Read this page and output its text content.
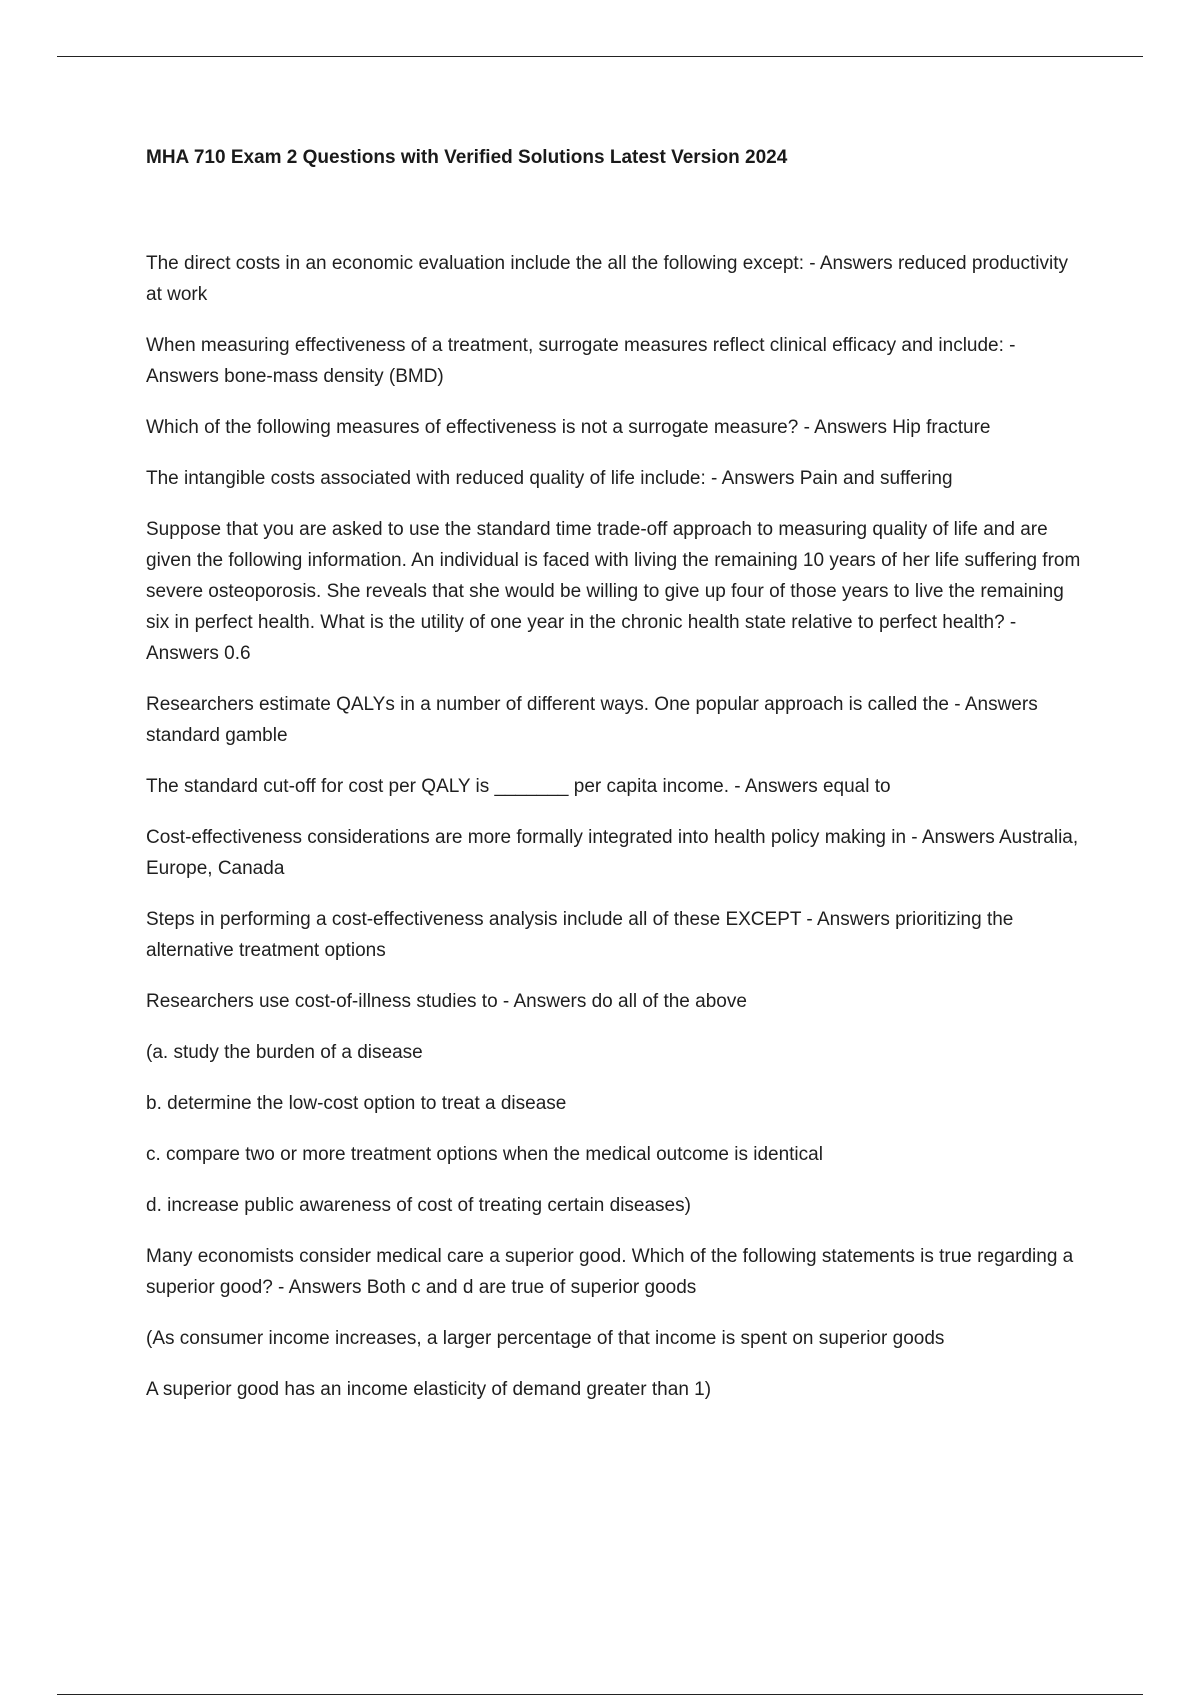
MHA 710 Exam 2 Questions with Verified Solutions Latest Version 2024

The direct costs in an economic evaluation include the all the following except: - Answers reduced productivity at work

When measuring effectiveness of a treatment, surrogate measures reflect clinical efficacy and include: - Answers bone-mass density (BMD)

Which of the following measures of effectiveness is not a surrogate measure? - Answers Hip fracture

The intangible costs associated with reduced quality of life include: - Answers Pain and suffering

Suppose that you are asked to use the standard time trade-off approach to measuring quality of life and are given the following information. An individual is faced with living the remaining 10 years of her life suffering from severe osteoporosis. She reveals that she would be willing to give up four of those years to live the remaining six in perfect health. What is the utility of one year in the chronic health state relative to perfect health? - Answers 0.6

Researchers estimate QALYs in a number of different ways. One popular approach is called the - Answers standard gamble

The standard cut-off for cost per QALY is _______ per capita income. - Answers equal to

Cost-effectiveness considerations are more formally integrated into health policy making in - Answers Australia, Europe, Canada

Steps in performing a cost-effectiveness analysis include all of these EXCEPT - Answers prioritizing the alternative treatment options

Researchers use cost-of-illness studies to - Answers do all of the above

(a. study the burden of a disease

b. determine the low-cost option to treat a disease

c. compare two or more treatment options when the medical outcome is identical

d. increase public awareness of cost of treating certain diseases)

Many economists consider medical care a superior good. Which of the following statements is true regarding a superior good? - Answers Both c and d are true of superior goods

(As consumer income increases, a larger percentage of that income is spent on superior goods

A superior good has an income elasticity of demand greater than 1)
